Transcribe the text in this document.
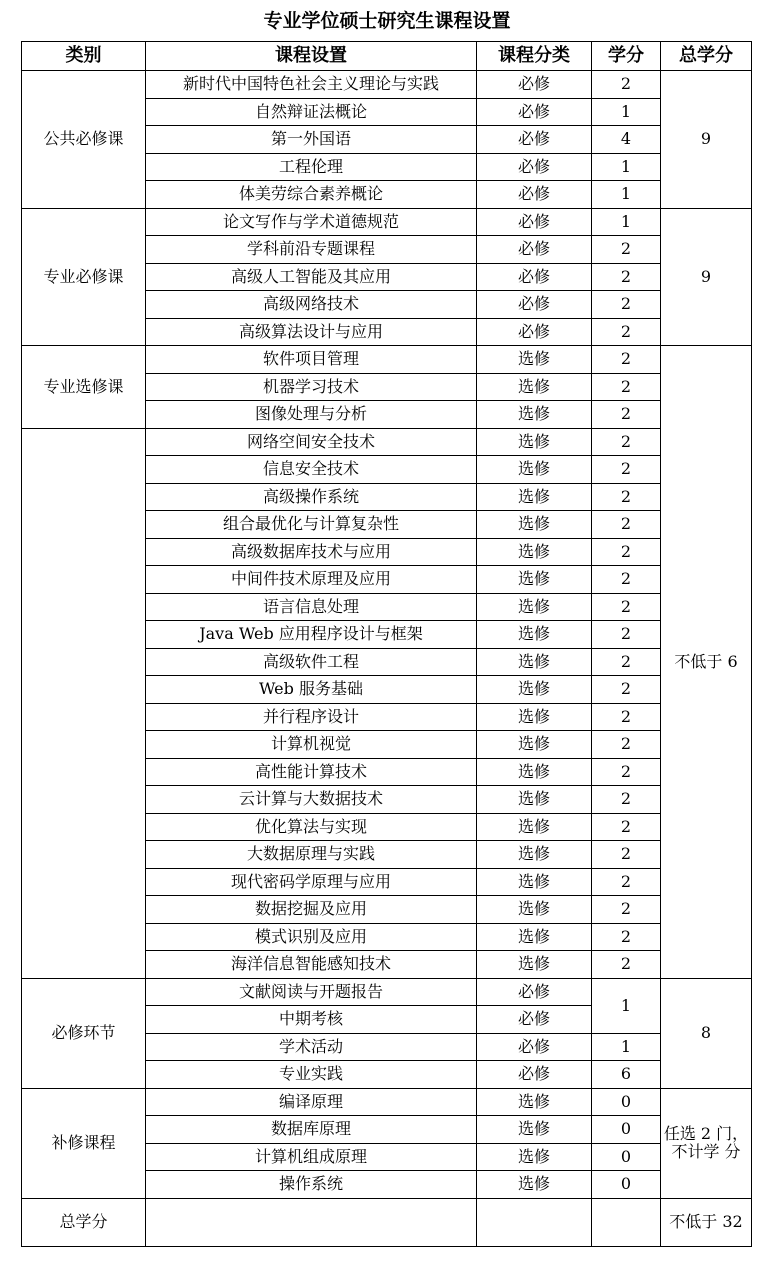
专业学位硕士研究生课程设置
类别	课程设置	课程分类	学分	总学分
公共必修课	新时代中国特色社会主义理论与实践	必修	2	9
	自然辩证法概论	必修	1	
	第一外国语	必修	4	
	工程伦理	必修	1	
	体美劳综合素养概论	必修	1	
专业必修课	论文写作与学术道德规范	必修	1	9
	学科前沿专题课程	必修	2	
	高级人工智能及其应用	必修	2	
	高级网络技术	必修	2	
	高级算法设计与应用	必修	2	
专业选修课	软件项目管理	选修	2	不低于 6
	机器学习技术	选修	2	
	图像处理与分析	选修	2	
	网络空间安全技术	选修	2	
	信息安全技术	选修	2	
	高级操作系统	选修	2	
	组合最优化与计算复杂性	选修	2	
	高级数据库技术与应用	选修	2	
	中间件技术原理及应用	选修	2	
	语言信息处理	选修	2	
	Java Web 应用程序设计与框架	选修	2	
	高级软件工程	选修	2	
	Web 服务基础	选修	2	
	并行程序设计	选修	2	
	计算机视觉	选修	2	
	高性能计算技术	选修	2	
	云计算与大数据技术	选修	2	
	优化算法与实现	选修	2	
	大数据原理与实践	选修	2	
	现代密码学原理与应用	选修	2	
	数据挖掘及应用	选修	2	
	模式识别及应用	选修	2	
	海洋信息智能感知技术	选修	2	
必修环节	文献阅读与开题报告	必修	1	8
	中期考核	必修		
	学术活动	必修	1	
	专业实践	必修	6	
补修课程	编译原理	选修	0	任选 2 门，不计学 分
	数据库原理	选修	0	
	计算机组成原理	选修	0	
	操作系统	选修	0	
总学分				不低于 32
